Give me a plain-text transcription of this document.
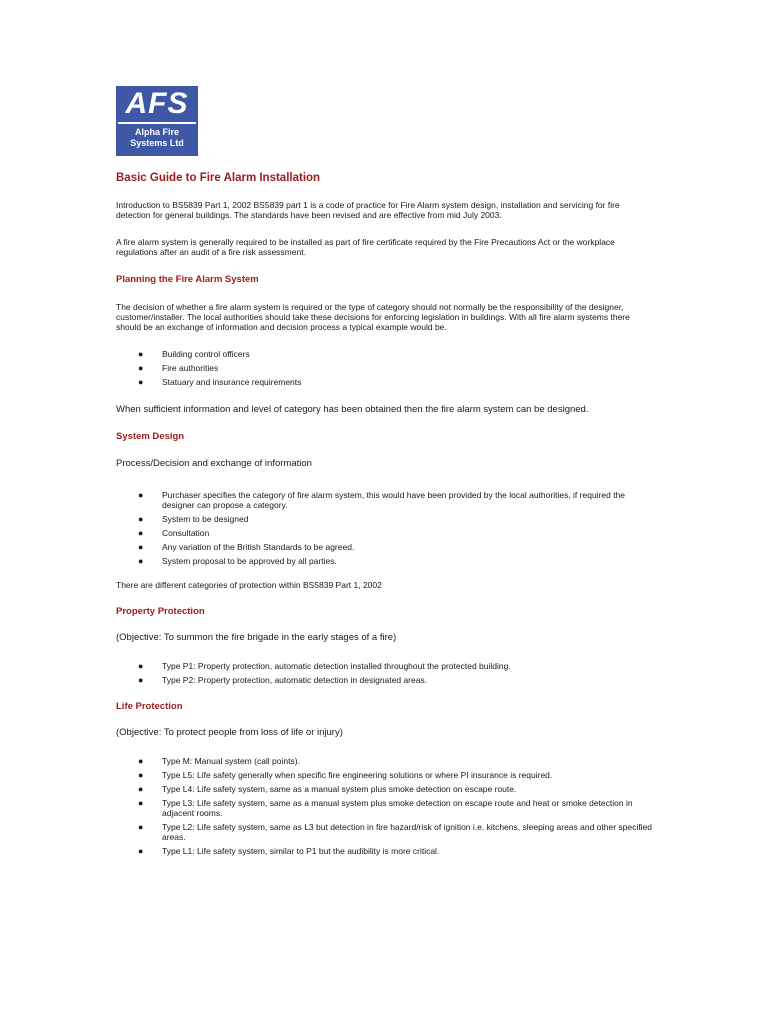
AFS
Alpha Fire
Systems Ltd
Basic Guide to Fire Alarm Installation

Introduction to BS5839 Part 1, 2002 BS5839 part 1 is a code of practice for Fire Alarm system design, installation and servicing for fire detection for general buildings. The standards have been revised and are effective from mid July 2003.

A fire alarm system is generally required to be installed as part of fire certificate required by the Fire Precautions Act or the workplace regulations after an audit of a fire risk assessment.

Planning the Fire Alarm System

The decision of whether a fire alarm system is required or the type of category should not normally be the responsibility of the designer, customer/installer. The local authorities should take these decisions for enforcing legislation in buildings. With all fire alarm systems there should be an exchange of information and decision process a typical example would be.

● Building control officers
● Fire authorities
● Statuary and insurance requirements

When sufficient information and level of category has been obtained then the fire alarm system can be designed.

System Design

Process/Decision and exchange of information

● Purchaser specifies the category of fire alarm system, this would have been provided by the local authorities, if required the designer can propose a category.
● System to be designed
● Consultation
● Any variation of the British Standards to be agreed.
● System proposal to be approved by all parties.

There are different categories of protection within BS5839 Part 1, 2002

Property Protection

(Objective: To summon the fire brigade in the early stages of a fire)

● Type P1: Property protection, automatic detection installed throughout the protected building.
● Type P2: Property protection, automatic detection in designated areas.
Life Protection

(Objective: To protect people from loss of life or injury)

● Type M: Manual system (call points).
● Type L5: Life safety generally when specific fire engineering solutions or where PI insurance is required.
● Type L4: Life safety system, same as a manual system plus smoke detection on escape route.
● Type L3: Life safety system, same as a manual system plus smoke detection on escape route and heat or smoke detection in adjacent rooms.
● Type L2: Life safety system, same as L3 but detection in fire hazard/risk of ignition i.e. kitchens, sleeping areas and other specified areas.
● Type L1: Life safety system, similar to P1 but the audibility is more critical.
